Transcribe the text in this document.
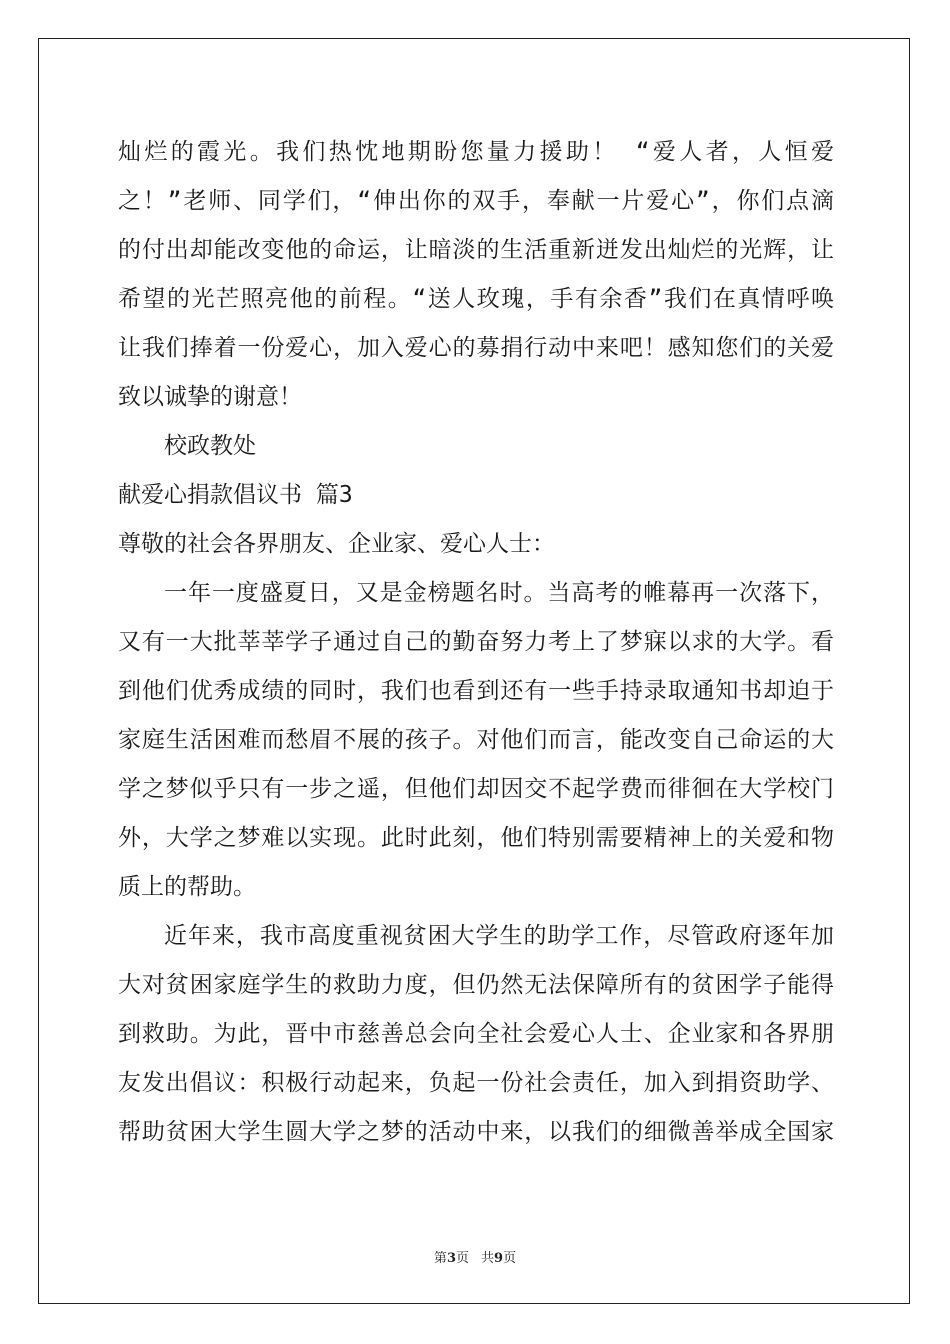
灿烂的霞光。我们热忱地期盼您量力援助！ “爱人者，人恒爱
之！”老师、同学们，“伸出你的双手，奉献一片爱心”，你们点滴
的付出却能改变他的命运，让暗淡的生活重新迸发出灿烂的光辉，让
希望的光芒照亮他的前程。“送人玫瑰，手有余香”我们在真情呼唤
让我们捧着一份爱心，加入爱心的募捐行动中来吧！感知您们的关爱
致以诚挚的谢意！
校政教处
献爱心捐款倡议书 篇3
尊敬的社会各界朋友、企业家、爱心人士：
一年一度盛夏日，又是金榜题名时。当高考的帷幕再一次落下，
又有一大批莘莘学子通过自己的勤奋努力考上了梦寐以求的大学。看
到他们优秀成绩的同时，我们也看到还有一些手持录取通知书却迫于
家庭生活困难而愁眉不展的孩子。对他们而言，能改变自己命运的大
学之梦似乎只有一步之遥，但他们却因交不起学费而徘徊在大学校门
外，大学之梦难以实现。此时此刻，他们特别需要精神上的关爱和物
质上的帮助。
近年来，我市高度重视贫困大学生的助学工作，尽管政府逐年加
大对贫困家庭学生的救助力度，但仍然无法保障所有的贫困学子能得
到救助。为此，晋中市慈善总会向全社会爱心人士、企业家和各界朋
友发出倡议：积极行动起来，负起一份社会责任，加入到捐资助学、
帮助贫困大学生圆大学之梦的活动中来，以我们的细微善举成全国家
第3页 共9页
